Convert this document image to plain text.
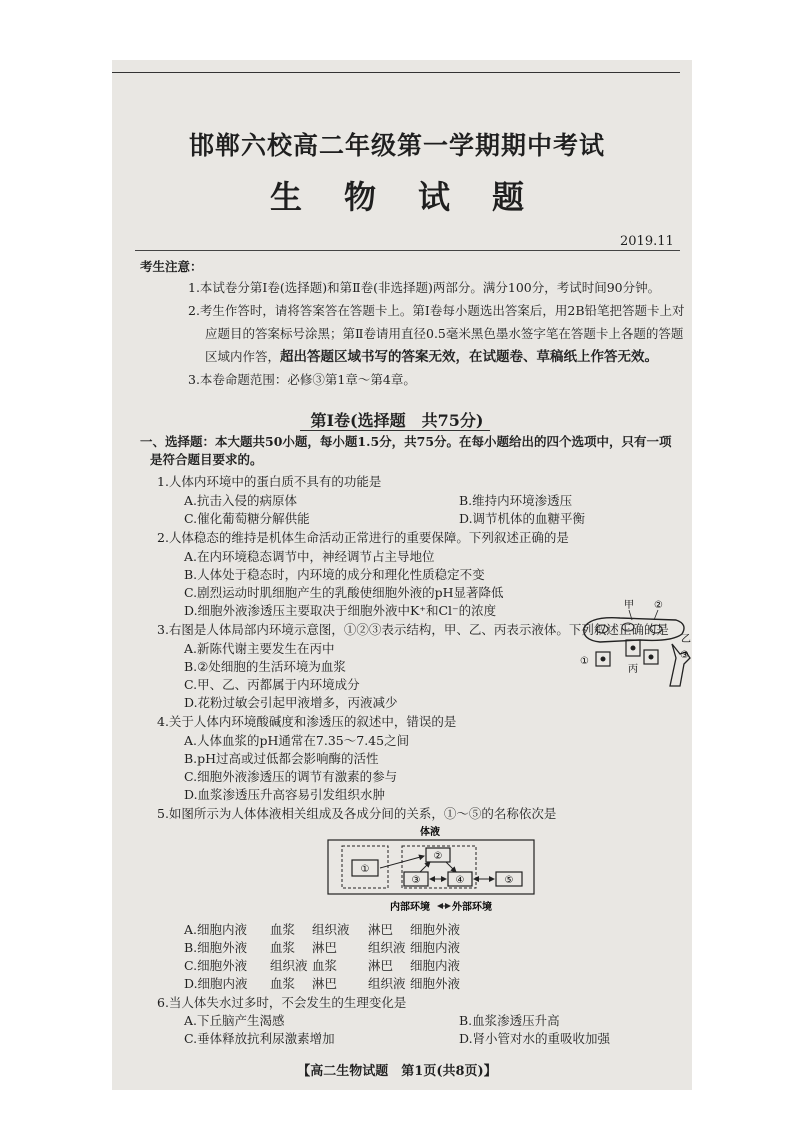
邯郸六校高二年级第一学期期中考试
生物试题
2019.11
考生注意：
1.本试卷分第Ⅰ卷(选择题)和第Ⅱ卷(非选择题)两部分。满分100分，考试时间90分钟。
2.考生作答时，请将答案答在答题卡上。第Ⅰ卷每小题选出答案后，用2B铅笔把答题卡上对
应题目的答案标号涂黑；第Ⅱ卷请用直径0.5毫米黑色墨水签字笔在答题卡上各题的答题
区域内作答，超出答题区域书写的答案无效，在试题卷、草稿纸上作答无效。
3.本卷命题范围：必修③第1章～第4章。
第Ⅰ卷(选择题　共75分)
一、选择题：本大题共50小题，每小题1.5分，共75分。在每小题给出的四个选项中，只有一项
是符合题目要求的。
1.人体内环境中的蛋白质不具有的功能是
A.抗击入侵的病原体	B.维持内环境渗透压
C.催化葡萄糖分解供能	D.调节机体的血糖平衡
2.人体稳态的维持是机体生命活动正常进行的重要保障。下列叙述正确的是
A.在内环境稳态调节中，神经调节占主导地位
B.人体处于稳态时，内环境的成分和理化性质稳定不变
C.剧烈运动时肌细胞产生的乳酸使细胞外液的pH显著降低
D.细胞外液渗透压主要取决于细胞外液中K⁺和Cl⁻的浓度
3.右图是人体局部内环境示意图，①②③表示结构，甲、乙、丙表示液体。下列叙述正确的是
A.新陈代谢主要发生在丙中
B.②处细胞的生活环境为血浆
C.甲、乙、丙都属于内环境成分
D.花粉过敏会引起甲液增多，丙液减少
甲 ②
乙
①
丙
③
4.关于人体内环境酸碱度和渗透压的叙述中，错误的是
A.人体血浆的pH通常在7.35～7.45之间
B.pH过高或过低都会影响酶的活性
C.细胞外液渗透压的调节有激素的参与
D.血浆渗透压升高容易引发组织水肿
5.如图所示为人体体液相关组成及各成分间的关系，①～⑤的名称依次是
体液
①
②
③	④	⑤
内部环境 外部环境
A.细胞内液 血浆 组织液 淋巴 细胞外液
B.细胞外液 血浆 淋巴 组织液 细胞内液
C.细胞外液 组织液 血浆 淋巴 细胞内液
D.细胞内液 血浆 淋巴 组织液 细胞外液
【高二生物试题　第1页(共8页)】
6.当人体失水过多时，不会发生的生理变化是
A.下丘脑产生渴感	B.血浆渗透压升高
C.垂体释放抗利尿激素增加	D.肾小管对水的重吸收加强
